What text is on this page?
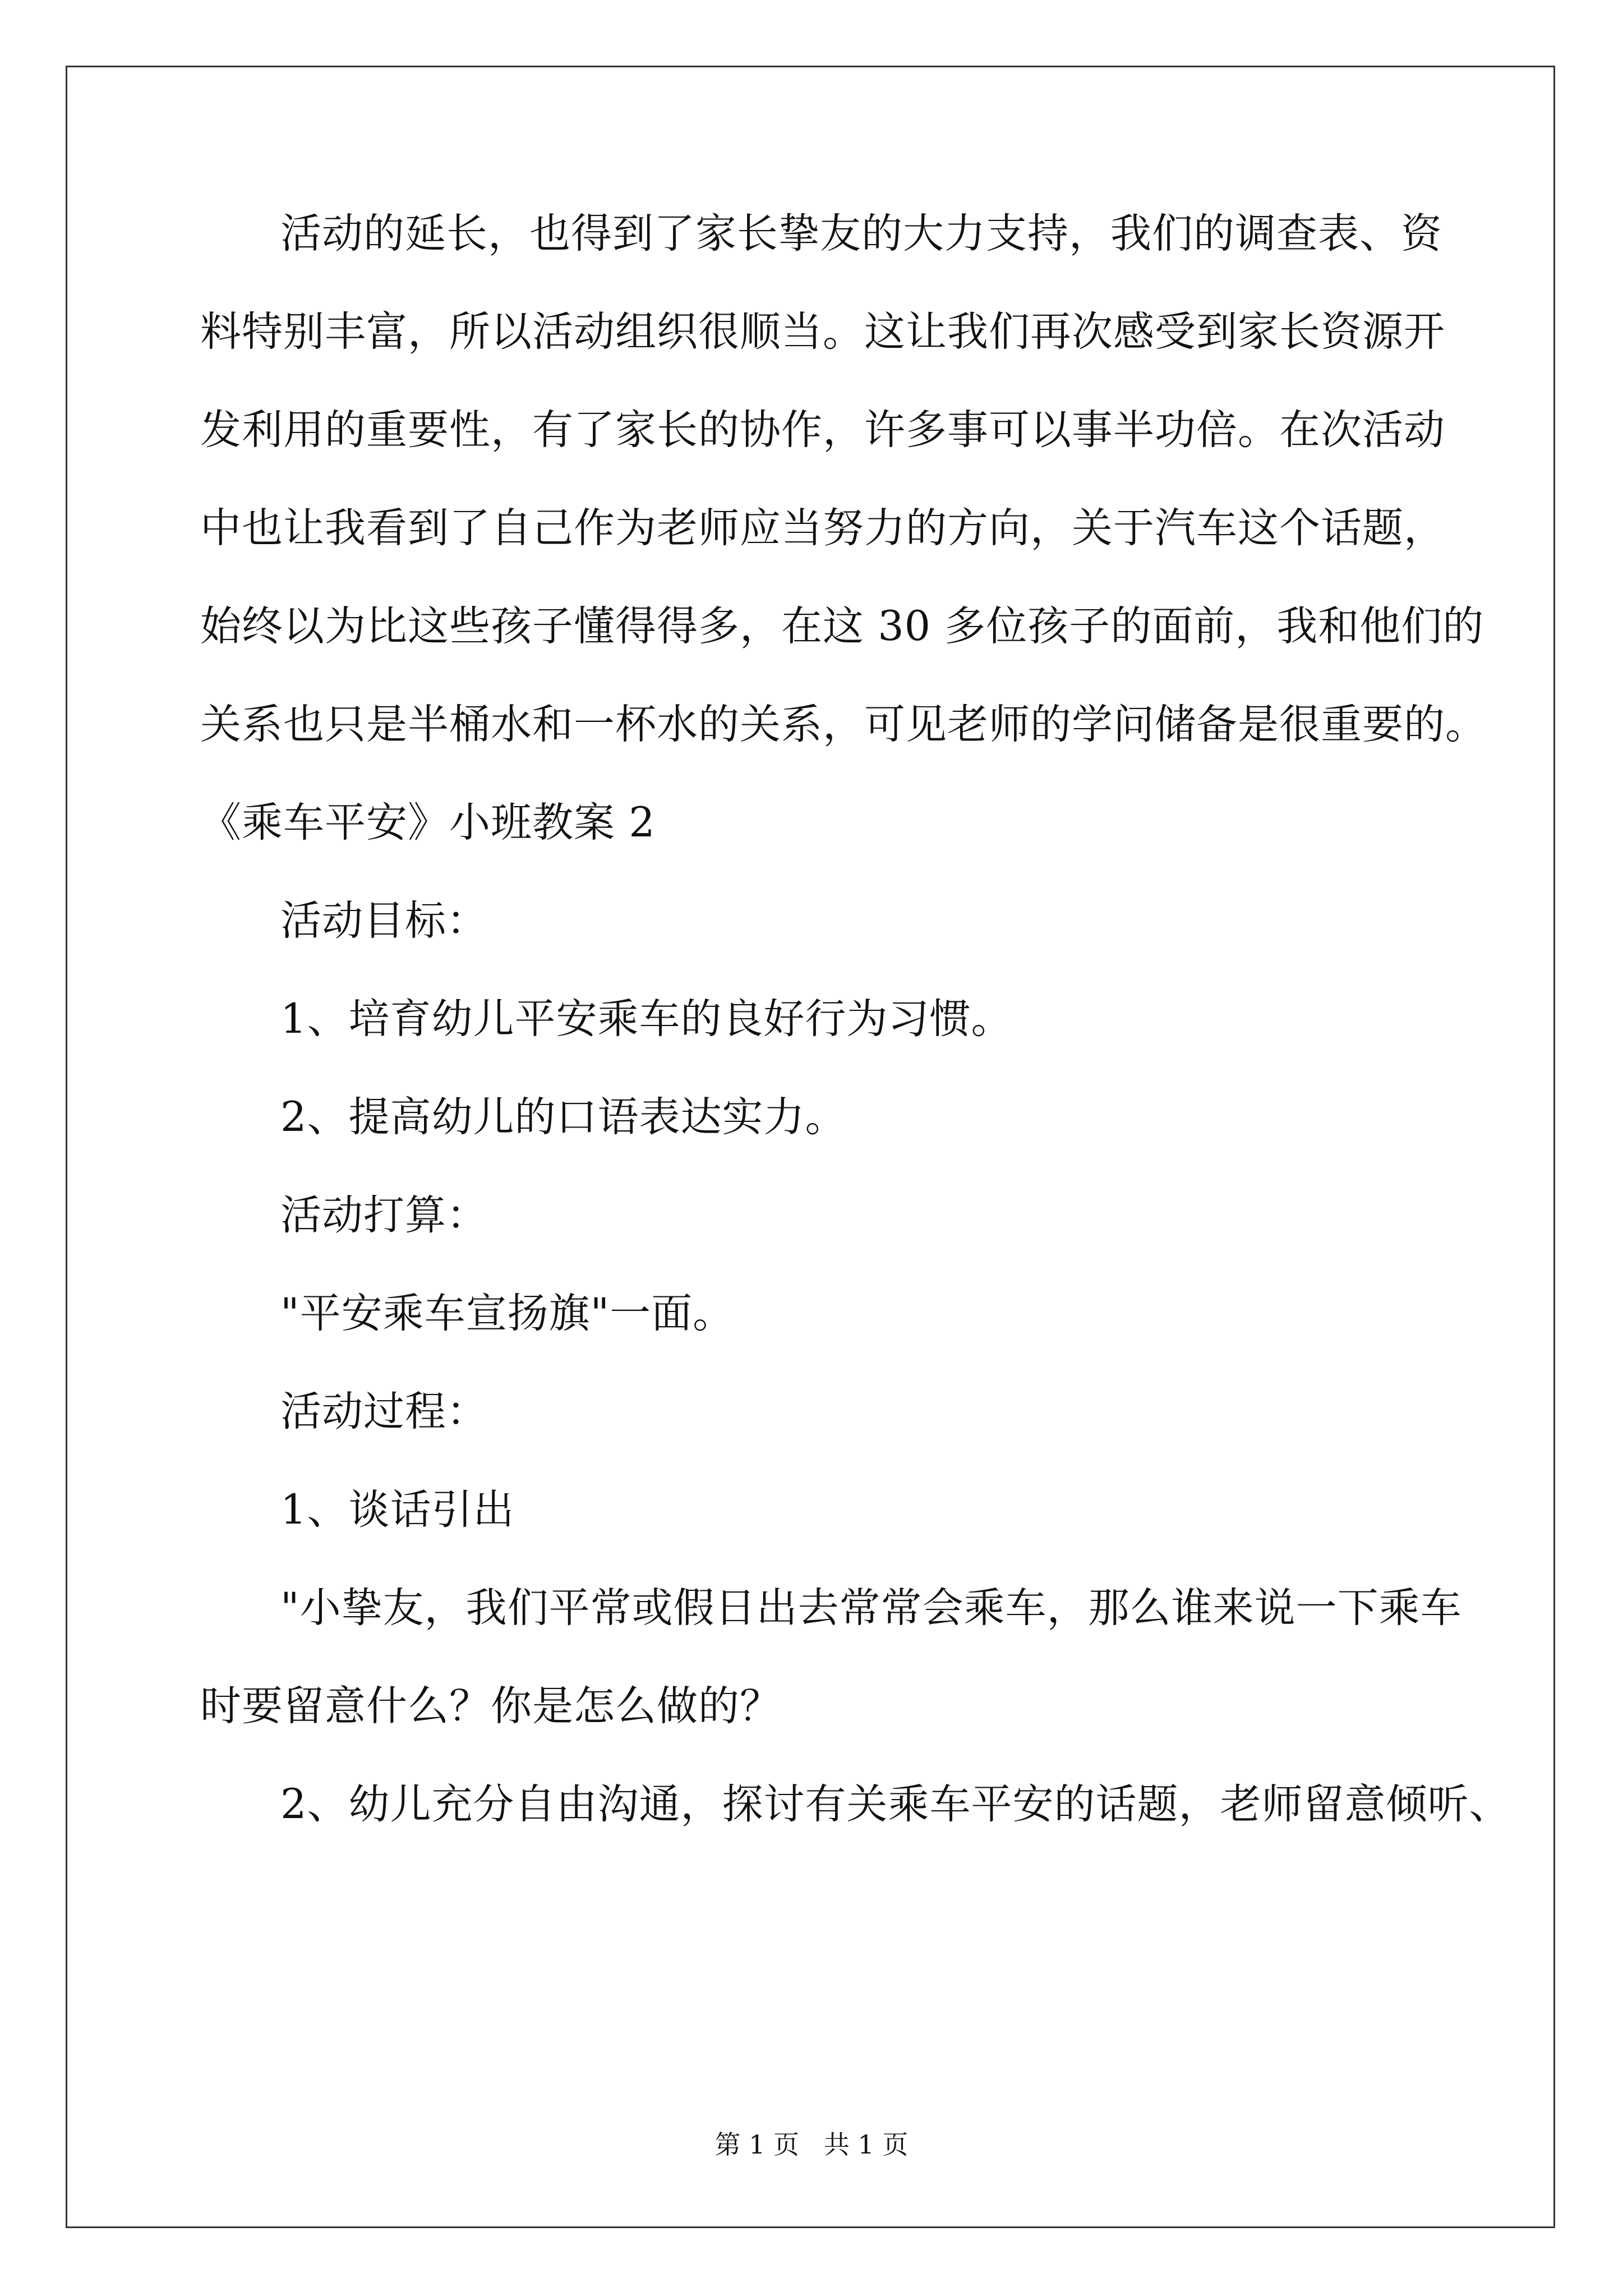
活动的延长，也得到了家长挚友的大力支持，我们的调查表、资
料特别丰富，所以活动组织很顺当。这让我们再次感受到家长资源开
发利用的重要性，有了家长的协作，许多事可以事半功倍。在次活动
中也让我看到了自己作为老师应当努力的方向，关于汽车这个话题，
始终以为比这些孩子懂得得多，在这 30 多位孩子的面前，我和他们的
关系也只是半桶水和一杯水的关系，可见老师的学问储备是很重要的。
《乘车平安》小班教案 2
活动目标：
1、培育幼儿平安乘车的良好行为习惯。
2、提高幼儿的口语表达实力。
活动打算：
"平安乘车宣扬旗"一面。
活动过程：
1、谈话引出
"小挚友，我们平常或假日出去常常会乘车，那么谁来说一下乘车
时要留意什么？你是怎么做的？
2、幼儿充分自由沟通，探讨有关乘车平安的话题，老师留意倾听、
第 1 页   共 1 页
